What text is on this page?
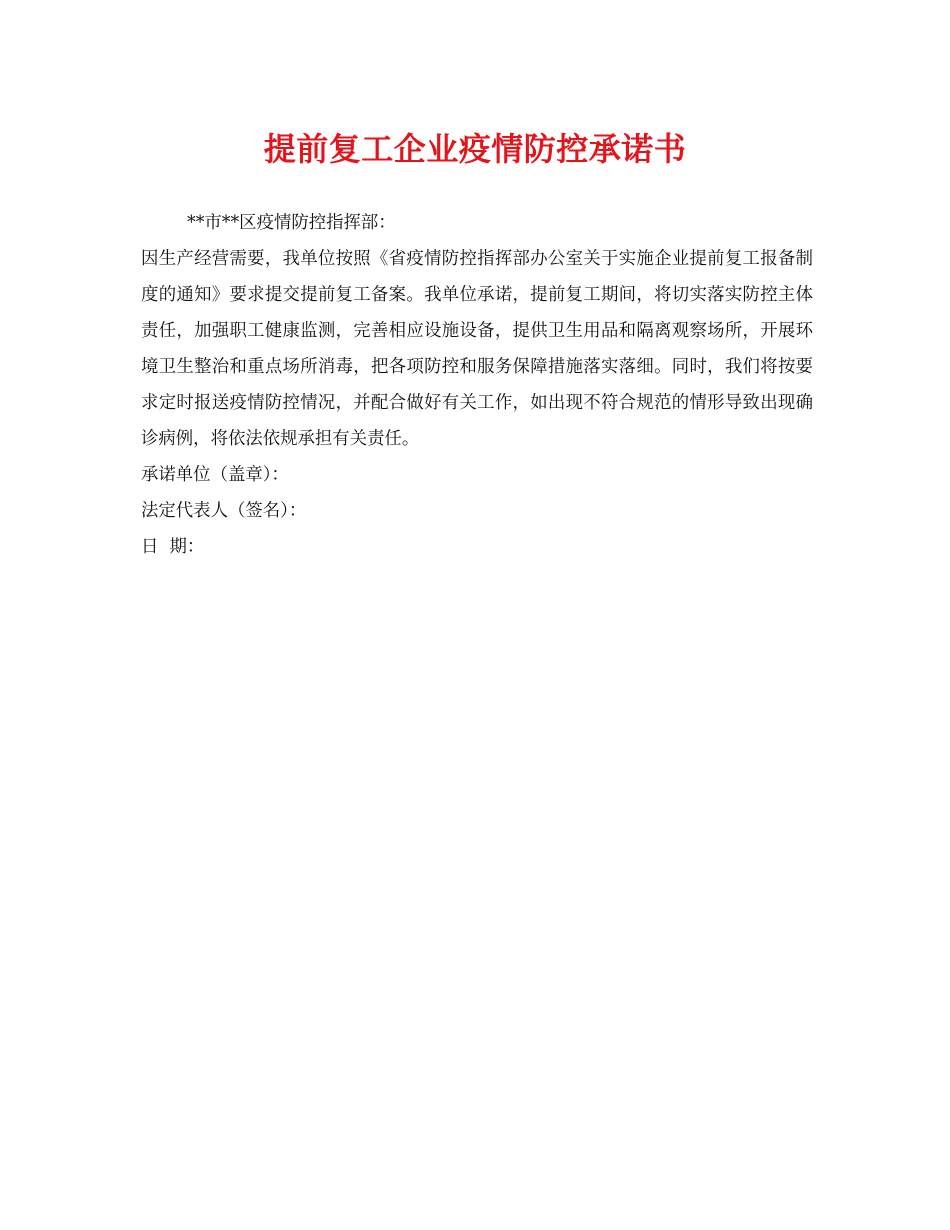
提前复工企业疫情防控承诺书

**市**区疫情防控指挥部：

因生产经营需要，我单位按照《省疫情防控指挥部办公室关于实施企业提前复工报备制度的通知》要求提交提前复工备案。我单位承诺，提前复工期间，将切实落实防控主体责任，加强职工健康监测，完善相应设施设备，提供卫生用品和隔离观察场所，开展环境卫生整治和重点场所消毒，把各项防控和服务保障措施落实落细。同时，我们将按要求定时报送疫情防控情况，并配合做好有关工作，如出现不符合规范的情形导致出现确诊病例，将依法依规承担有关责任。

承诺单位（盖章）：

法定代表人（签名）：

日  期：
